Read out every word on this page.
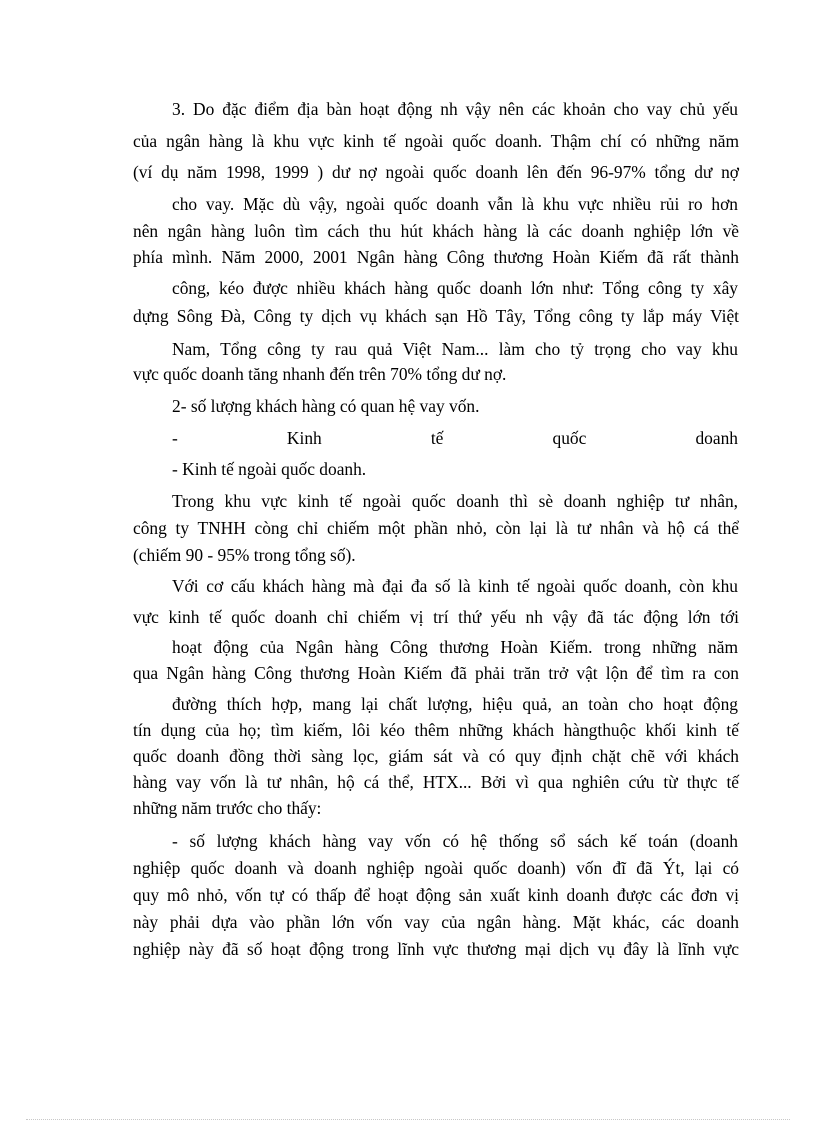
3. Do đặc điểm địa bàn hoạt động nh vậy nên các khoản cho vay chủ yếu
của ngân hàng là khu vực kinh tế ngoài quốc doanh. Thậm chí có những năm
(ví dụ năm 1998, 1999 ) dư nợ ngoài quốc doanh lên đến 96-97% tổng dư nợ
cho vay. Mặc dù vậy, ngoài quốc doanh vẫn là khu vực nhiều rủi ro hơn
nên ngân hàng luôn tìm cách thu hút khách hàng là các doanh nghiệp lớn về
phía mình. Năm 2000, 2001 Ngân hàng Công thương Hoàn Kiếm đã rất thành
công, kéo được nhiều khách hàng quốc doanh lớn như: Tổng công ty xây
dựng Sông Đà, Công ty dịch vụ khách sạn Hồ Tây, Tổng công ty lắp máy Việt
Nam, Tổng công ty rau quả Việt Nam... làm cho tỷ trọng cho vay khu
vực quốc doanh tăng nhanh đến trên 70% tổng dư nợ.
2- số lượng khách hàng có quan hệ vay vốn.
- Kinh tế quốc doanh
- Kinh tế ngoài quốc doanh.
Trong khu vực kinh tế ngoài quốc doanh thì sè doanh nghiệp tư nhân,
công ty TNHH còng chỉ chiếm một phần nhỏ, còn lại là tư nhân và hộ cá thể
(chiếm 90 - 95% trong tổng số).
Với cơ cấu khách hàng mà đại đa số là kinh tế ngoài quốc doanh, còn khu
vực kinh tế quốc doanh chỉ chiếm vị trí thứ yếu nh vậy đã tác động lớn tới
hoạt động của Ngân hàng Công thương Hoàn Kiếm. trong những năm
qua Ngân hàng Công thương Hoàn Kiếm đã phải trăn trở vật lộn để tìm ra con
đường thích hợp, mang lại chất lượng, hiệu quả, an toàn cho hoạt động
tín dụng của họ; tìm kiếm, lôi kéo thêm những khách hàngthuộc khối kinh tế
quốc doanh đồng thời sàng lọc, giám sát và có quy định chặt chẽ với khách
hàng vay vốn là tư nhân, hộ cá thể, HTX... Bởi vì qua nghiên cứu từ thực tế
những năm trước cho thấy:
- số lượng khách hàng vay vốn có hệ thống sổ sách kế toán (doanh
nghiệp quốc doanh và doanh nghiệp ngoài quốc doanh) vốn đĩ đã Ýt, lại có
quy mô nhỏ, vốn tự có thấp để hoạt động sản xuất kinh doanh được các đơn vị
này phải dựa vào phần lớn vốn vay của ngân hàng. Mặt khác, các doanh
nghiệp này đã số hoạt động trong lĩnh vực thương mại dịch vụ đây là lĩnh vực
